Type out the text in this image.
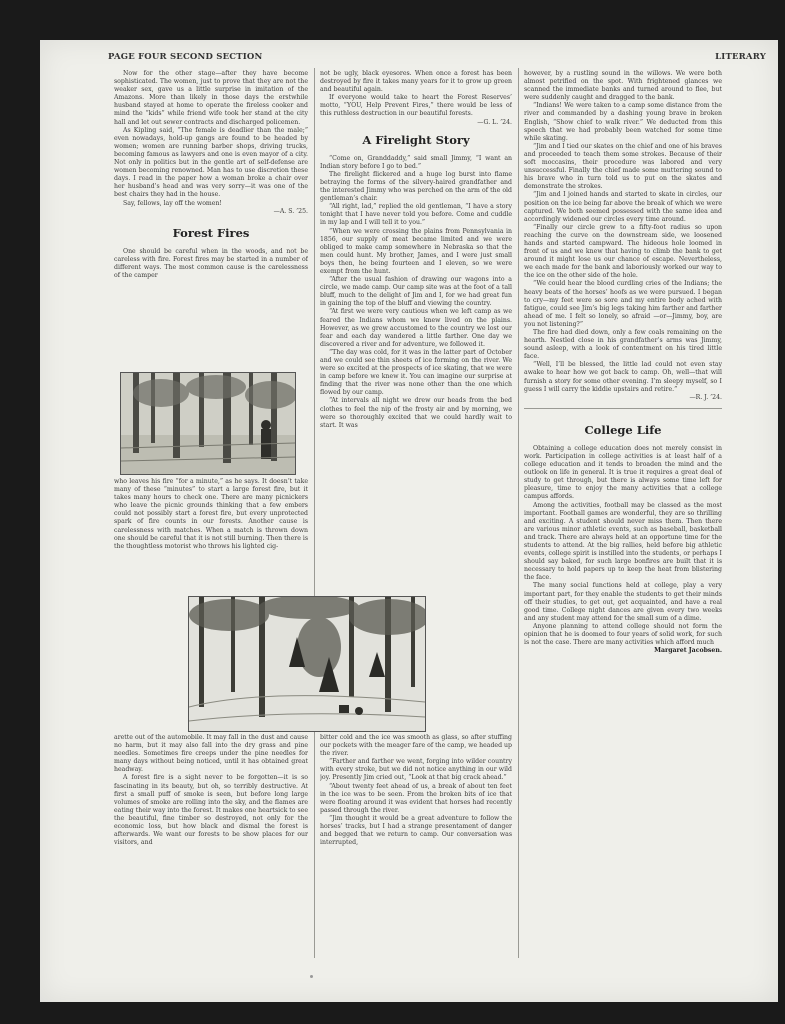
PAGE FOUR SECOND SECTION	LITERARY

Now for the other stage—after they have become sophisticated. The women, just to prove that they are not the weaker sex, gave us a little surprise in imitation of the Amazons. More than likely in those days the erstwhile husband stayed at home to operate the fireless cooker and mind the “kids” while friend wife took her stand at the city hall and let out sewer contracts and discharged policemen.

As Kipling said, “The female is deadlier than the male;” even nowadays, hold-up gangs are found to be headed by women; women are running barber shops, driving trucks, becoming famous as lawyers and one is even mayor of a city. Not only in politics but in the gentle art of self-defense are women becoming renowned. Man has to use discretion these days. I read in the paper how a woman broke a chair over her husband’s head and was very sorry—it was one of the best chairs they had in the house.

Say, fellows, lay off the women!

—A. S. ’25.

Forest Fires

One should be careful when in the woods, and not be careless with fire. Forest fires may be started in a number of different ways. The most common cause is the carelessness of the camper

who leaves his fire “for a minute,” as he says. It doesn’t take many of these “minutes” to start a large forest fire, but it takes many hours to check one. There are many picnickers who leave the picnic grounds thinking that a few embers could not possibly start a forest fire, but every unprotected spark of fire counts in our forests. Another cause is carelessness with matches. When a match is thrown down one should be careful that it is not still burning. Then there is the thoughtless motorist who throws his lighted cig-

arette out of the automobile. It may fall in the dust and cause no harm, but it may also fall into the dry grass and pine needles. Sometimes fire creeps under the pine needles for many days without being noticed, until it has obtained great headway.

A forest fire is a sight never to be forgotten—it is so fascinating in its beauty, but oh, so terribly destructive. At first a small puff of smoke is seen, but before long large volumes of smoke are rolling into the sky, and the flames are eating their way into the forest. It makes one heartsick to see the beautiful, fine timber so destroyed, not only for the economic loss, but how black and dismal the forest is afterwards. We want our forests to be show places for our visitors, and

not be ugly, black eyesores. When once a forest has been destroyed by fire it takes many years for it to grow up green and beautiful again.

If everyone would take to heart the Forest Reserves’ motto, “YOU, Help Prevent Fires,” there would be less of this ruthless destruction in our beautiful forests.

—G. L. ’24.

A Firelight Story

“Come on, Granddaddy,” said small Jimmy, “I want an Indian story before I go to bed.”

The firelight flickered and a huge log burst into flame betraying the forms of the silvery-haired grandfather and the interested Jimmy who was perched on the arm of the old gentleman’s chair.

“All right, lad,” replied the old gentleman, “I have a story tonight that I have never told you before. Come and cuddle in my lap and I will tell it to you.”

“When we were crossing the plains from Pennsylvania in 1856, our supply of meat became limited and we were obliged to make camp somewhere in Nebraska so that the men could hunt. My brother, James, and I were just small boys then, he being fourteen and I eleven, so we were exempt from the hunt.

“After the usual fashion of drawing our wagons into a circle, we made camp. Our camp site was at the foot of a tall bluff, much to the delight of Jim and I, for we had great fun in gaining the top of the bluff and viewing the country.

“At first we were very cautious when we left camp as we feared the Indians whom we knew lived on the plains. However, as we grew accustomed to the country we lost our fear and each day wandered a little farther. One day we discovered a river and for adventure, we followed it.

“The day was cold, for it was in the latter part of October and we could see thin sheets of ice forming on the river. We were so excited at the prospects of ice skating, that we were in camp before we knew it. You can imagine our surprise at finding that the river was none other than the one which flowed by our camp.

“At intervals all night we drew our heads from the bed clothes to feel the nip of the frosty air and by morning, we were so thoroughly excited that we could hardly wait to start. It was

bitter cold and the ice was smooth as glass, so after stuffing our pockets with the meager fare of the camp, we headed up the river.

“Farther and farther we went, forging into wilder country with every stroke, but we did not notice anything in our wild joy. Presently Jim cried out, “Look at that big crack ahead.”

“About twenty feet ahead of us, a break of about ten feet in the ice was to be seen. From the broken bits of ice that were floating around it was evident that horses had recently passed through the river.

“Jim thought it would be a great adventure to follow the horses’ tracks, but I had a strange presentament of danger and begged that we return to camp. Our conversation was interrupted,

however, by a rustling sound in the willows. We were both almost petrified on the spot. With frightened glances we scanned the immediate banks and turned around to flee, but were suddenly caught and dragged to the bank.

“Indians! We were taken to a camp some distance from the river and commanded by a dashing young brave in broken English, “Show chief to walk river.” We deducted from this speech that we had probably been watched for some time while skating.

“Jim and I tied our skates on the chief and one of his braves and proceeded to teach them some strokes. Because of their soft moccasins, their procedure was labored and very unsuccessful. Finally the chief made some muttering sound to his brave who in turn told us to put on the skates and demonstrate the strokes.

“Jim and I joined hands and started to skate in circles, our position on the ice being far above the break of which we were captured. We both seemed possessed with the same idea and accordingly widened our circles every time around.

“Finally our circle grew to a fifty-foot radius so upon reaching the curve on the downstream side, we loosened hands and started campward. The hideous hole loomed in front of us and we knew that having to climb the bank to get around it might lose us our chance of escape. Nevertheless, we each made for the bank and laboriously worked our way to the ice on the other side of the hole.

“We could hear the blood curdling cries of the Indians; the heavy beats of the horses’ hoofs as we were pursued. I began to cry—my feet were so sore and my entire body ached with fatigue, could see Jim’s big legs taking him farther and farther ahead of me. I felt so lonely, so afraid —or—Jimmy, boy, are you not listening?”

The fire had died down, only a few coals remaining on the hearth. Nestled close in his grandfather’s arms was Jimmy, sound asleep, with a look of contentment on his tired little face.

“Well, I’ll be blessed, the little lad could not even stay awake to hear how we got back to camp. Oh, well—that will furnish a story for some other evening. I’m sleepy myself, so I guess I will carry the kiddie upstairs and retire.”

—R. J. ’24.

College Life

Obtaining a college education does not merely consist in work. Participation in college activities is at least half of a college education and it tends to broaden the mind and the outlook on life in general. It is true it requires a great deal of study to get through, but there is always some time left for pleasure, time to enjoy the many activities that a college campus affords.

Among the activities, football may be classed as the most important. Football games are wonderful, they are so thrilling and exciting. A student should never miss them. Then there are various minor athletic events, such as baseball, basketball and track. There are always held at an opportune time for the students to attend. At the big rallies, held before big athletic events, college spirit is instilled into the students, or perhaps I should say baked, for such large bonfires are built that it is necessary to hold papers up to keep the heat from blistering the face.

The many social functions held at college, play a very important part, for they enable the students to get their minds off their studies, to get out, get acquainted, and have a real good time. College night dances are given every two weeks and any student may attend for the small sum of a dime.

Anyone planning to attend college should not form the opinion that he is doomed to four years of solid work, for such is not the case. There are many activities which afford much

Margaret Jacobsen.
